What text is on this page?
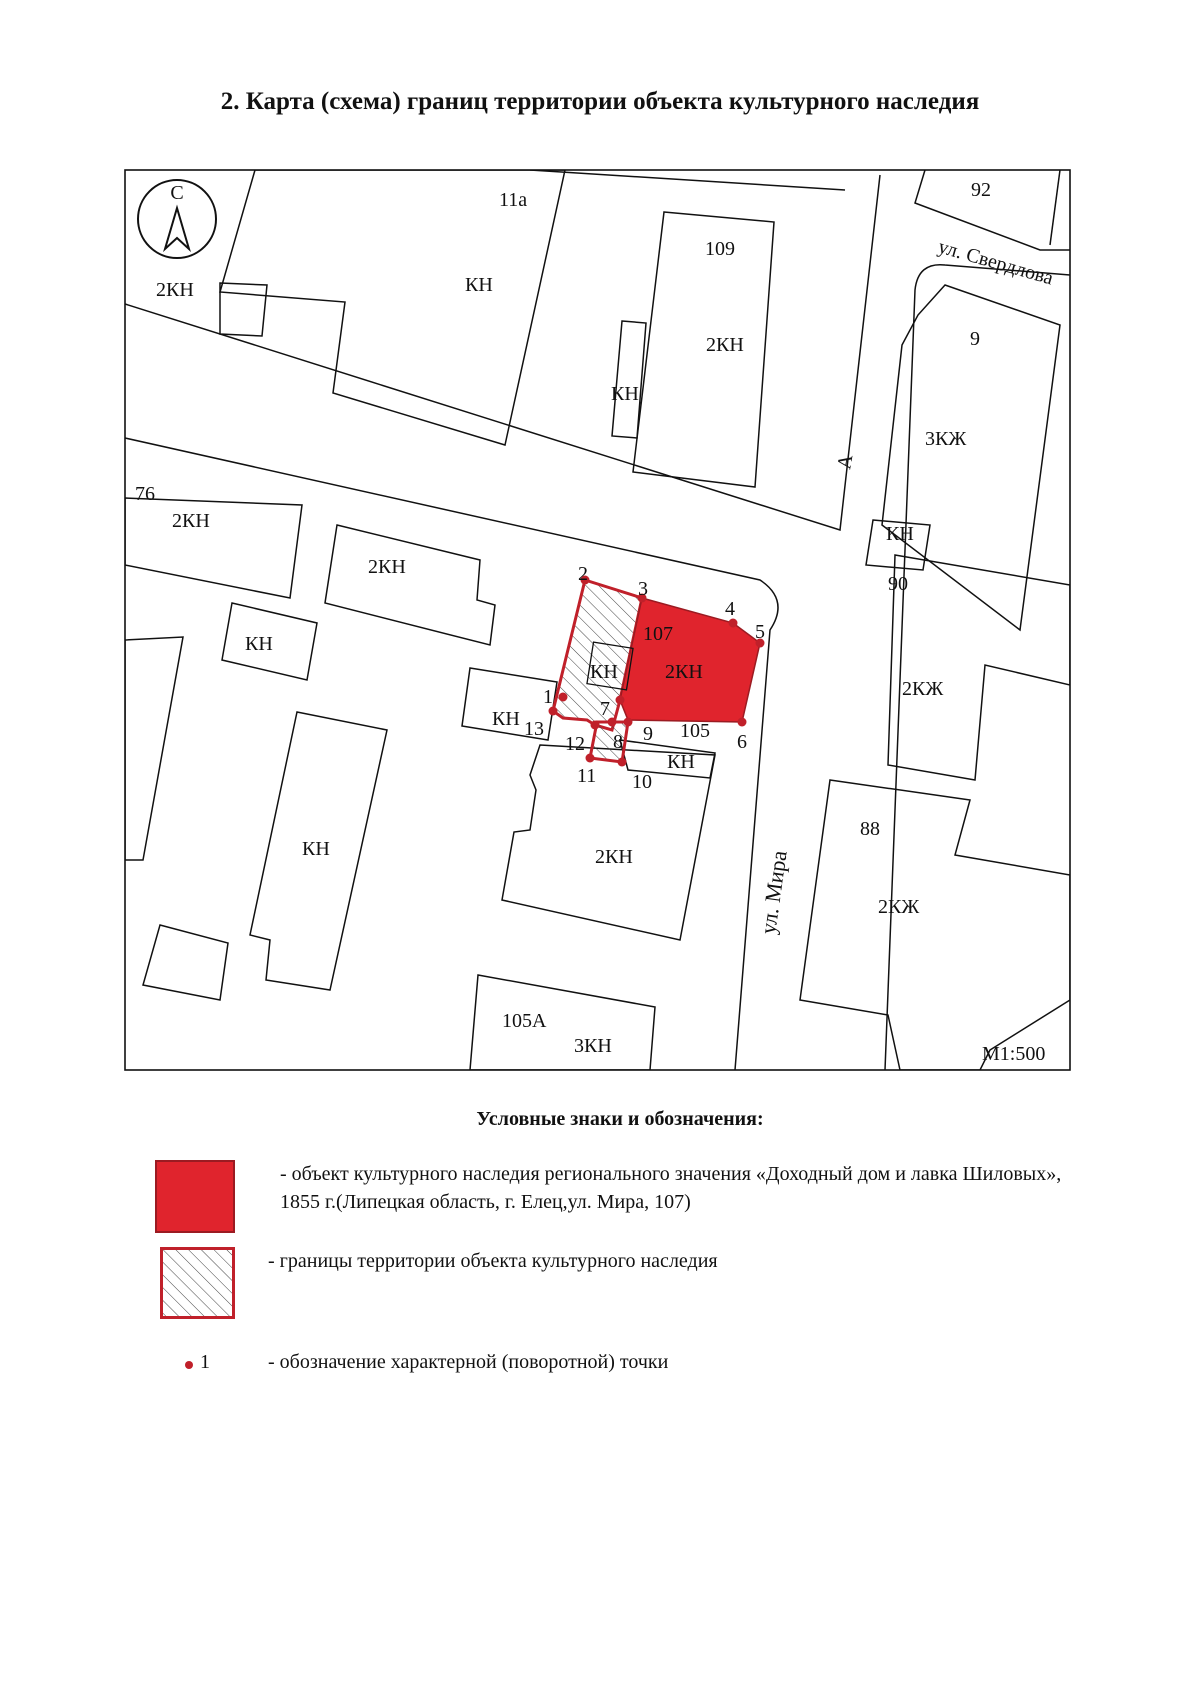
2. Карта (схема) границ территории объекта культурного наследия
С
ул. Свердлова
ул. Мира
А
11а
109
92
9
76
90
107
105
88
105А
2КН	КН
КН
2КН
КН
3КЖ
2КН
2КН
КН
КН
КН
2КН
КН
КН
2КЖ
2КЖ
2КН
3КН
1
2
3
4
5
6
7
8 9
10
11
12
13
М1:500
Условные знаки и обозначения:
- объект культурного наследия регионального значения «Доходный дом и лавка Шиловых», 1855 г.(Липецкая область, г. Елец,ул. Мира, 107)
- границы территории объекта культурного наследия
1	- обозначение характерной (поворотной) точки
